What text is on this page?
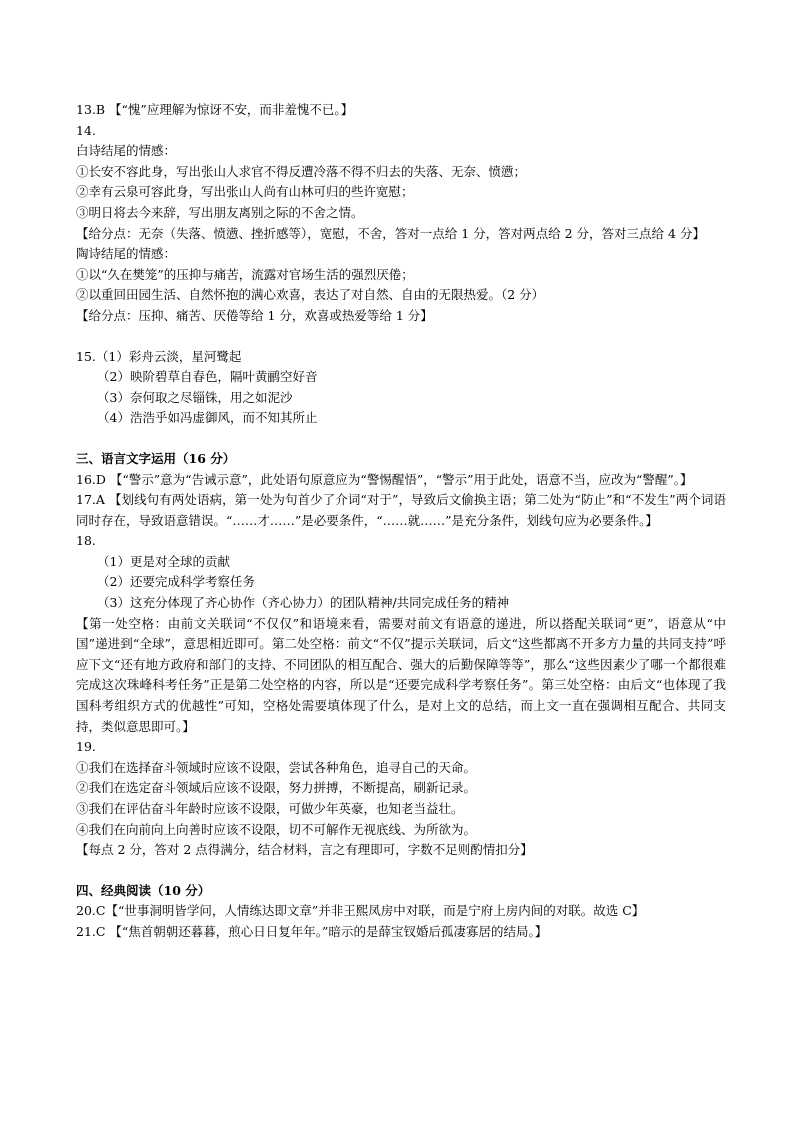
13.B 【“愧”应理解为惊讶不安，而非羞愧不已。】
14.
白诗结尾的情感：
①长安不容此身，写出张山人求官不得反遭冷落不得不归去的失落、无奈、愤懑；
②幸有云泉可容此身，写出张山人尚有山林可归的些许宽慰；
③明日将去今来辞，写出朋友离别之际的不舍之情。
【给分点：无奈（失落、愤懑、挫折感等），宽慰，不舍，答对一点给 1 分，答对两点给 2 分，答对三点给 4 分】
陶诗结尾的情感：
①以“久在樊笼”的压抑与痛苦，流露对官场生活的强烈厌倦；
②以重回田园生活、自然怀抱的满心欢喜，表达了对自然、自由的无限热爱。（2 分）
【给分点：压抑、痛苦、厌倦等给 1 分，欢喜或热爱等给 1 分】
15.（1）彩舟云淡，星河鹭起
（2）映阶碧草自春色，隔叶黄鹂空好音
（3）奈何取之尽锱铢，用之如泥沙
（4）浩浩乎如冯虚御风，而不知其所止
三、语言文字运用（16 分）
16.D 【“警示”意为“告诫示意”，此处语句原意应为“警惕醒悟”，“警示”用于此处，语意不当，应改为“警醒”。】
17.A 【划线句有两处语病，第一处为句首少了介词“对于”，导致后文偷换主语；第二处为“防止”和“不发生”两个词语同时存在，导致语意错误。“……才……”是必要条件，“……就……”是充分条件，划线句应为必要条件。】
18.
（1）更是对全球的贡献
（2）还要完成科学考察任务
（3）这充分体现了齐心协作（齐心协力）的团队精神/共同完成任务的精神
【第一处空格：由前文关联词“不仅仅”和语境来看，需要对前文有语意的递进，所以搭配关联词“更”，语意从“中国”递进到“全球”，意思相近即可。第二处空格：前文“不仅”提示关联词，后文“这些都离不开多方力量的共同支持”呼应下文“还有地方政府和部门的支持、不同团队的相互配合、强大的后勤保障等等”，那么“这些因素少了哪一个都很难完成这次珠峰科考任务”正是第二处空格的内容，所以是“还要完成科学考察任务”。第三处空格：由后文“也体现了我国科考组织方式的优越性”可知，空格处需要填体现了什么，是对上文的总结，而上文一直在强调相互配合、共同支持，类似意思即可。】
19.
①我们在选择奋斗领域时应该不设限，尝试各种角色，追寻自己的天命。
②我们在选定奋斗领域后应该不设限，努力拼搏，不断提高，刷新记录。
③我们在评估奋斗年龄时应该不设限，可做少年英豪，也知老当益壮。
④我们在向前向上向善时应该不设限，切不可解作无视底线、为所欲为。
【每点 2 分，答对 2 点得满分，结合材料，言之有理即可，字数不足则酌情扣分】
四、经典阅读（10 分）
20.C【“世事洞明皆学问，人情练达即文章”并非王熙凤房中对联，而是宁府上房内间的对联。故选 C】
21.C 【“焦首朝朝还暮暮，煎心日日复年年。”暗示的是薛宝钗婚后孤凄寡居的结局。】
